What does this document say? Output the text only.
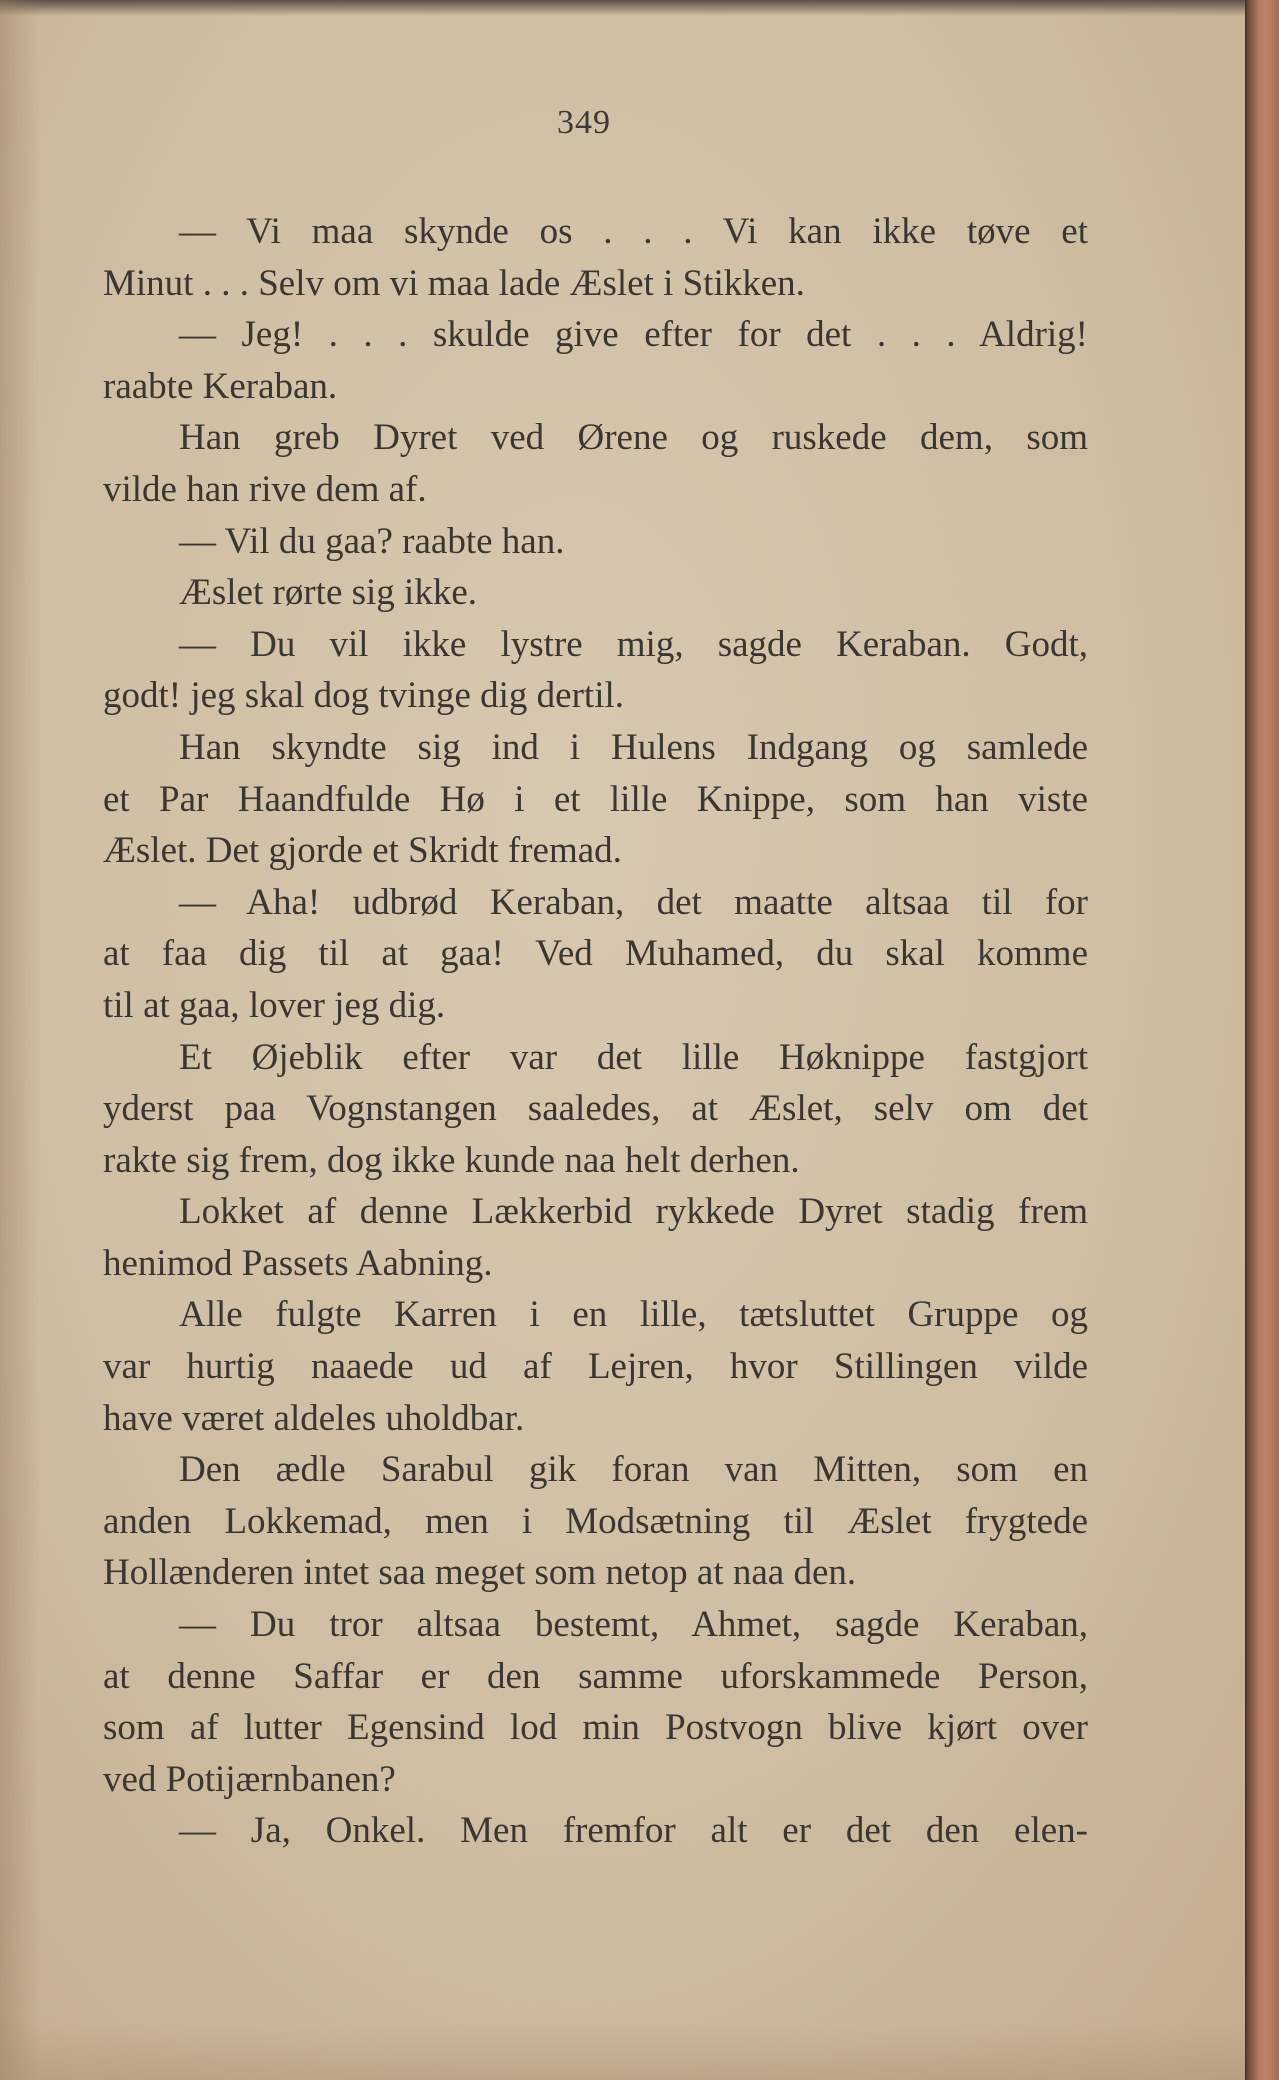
349
— Vi maa skynde os . . . Vi kan ikke tøve et
Minut . . . Selv om vi maa lade Æslet i Stikken.
— Jeg! . . . skulde give efter for det . . . Aldrig!
raabte Keraban.
Han greb Dyret ved Ørene og ruskede dem, som
vilde han rive dem af.
— Vil du gaa? raabte han.
Æslet rørte sig ikke.
— Du vil ikke lystre mig, sagde Keraban. Godt,
godt! jeg skal dog tvinge dig dertil.
Han skyndte sig ind i Hulens Indgang og samlede
et Par Haandfulde Hø i et lille Knippe, som han viste
Æslet. Det gjorde et Skridt fremad.
— Aha! udbrød Keraban, det maatte altsaa til for
at faa dig til at gaa! Ved Muhamed, du skal komme
til at gaa, lover jeg dig.
Et Øjeblik efter var det lille Høknippe fastgjort
yderst paa Vognstangen saaledes, at Æslet, selv om det
rakte sig frem, dog ikke kunde naa helt derhen.
Lokket af denne Lækkerbid rykkede Dyret stadig frem
henimod Passets Aabning.
Alle fulgte Karren i en lille, tætsluttet Gruppe og
var hurtig naaede ud af Lejren, hvor Stillingen vilde
have været aldeles uholdbar.
Den ædle Sarabul gik foran van Mitten, som en
anden Lokkemad, men i Modsætning til Æslet frygtede
Hollænderen intet saa meget som netop at naa den.
— Du tror altsaa bestemt, Ahmet, sagde Keraban,
at denne Saffar er den samme uforskammede Person,
som af lutter Egensind lod min Postvogn blive kjørt over
ved Potijærnbanen?
— Ja, Onkel. Men fremfor alt er det den elen-
